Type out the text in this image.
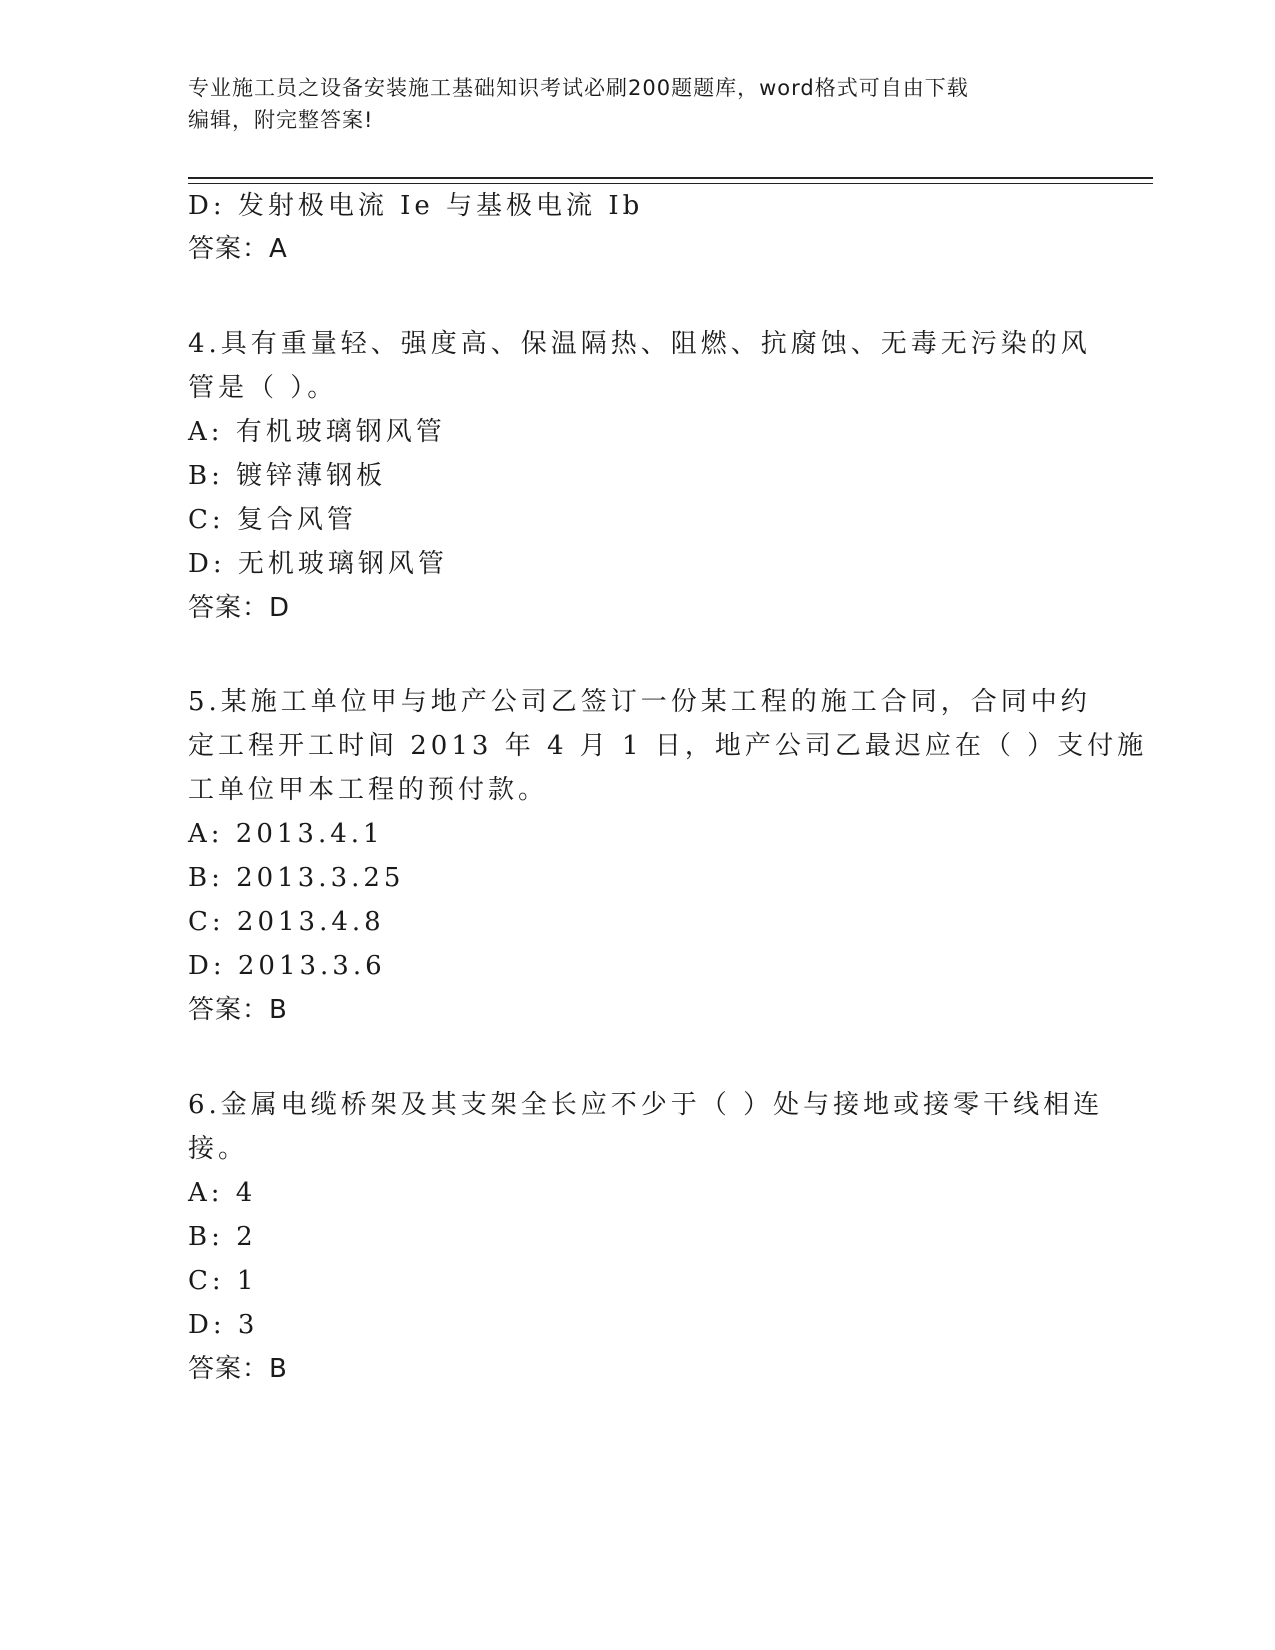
专业施工员之设备安装施工基础知识考试必刷200题题库，word格式可自由下载
编辑，附完整答案!
D: 发射极电流 Ie 与基极电流 Ib
答案：A
4.具有重量轻、强度高、保温隔热、阻燃、抗腐蚀、无毒无污染的风
管是（ ）。
A: 有机玻璃钢风管
B: 镀锌薄钢板
C: 复合风管
D: 无机玻璃钢风管
答案：D
5.某施工单位甲与地产公司乙签订一份某工程的施工合同，合同中约
定工程开工时间 2013 年 4 月 1 日，地产公司乙最迟应在（ ）支付施
工单位甲本工程的预付款。
A: 2013.4.1
B: 2013.3.25
C: 2013.4.8
D: 2013.3.6
答案：B
6.金属电缆桥架及其支架全长应不少于（ ）处与接地或接零干线相连
接。
A: 4
B: 2
C: 1
D: 3
答案：B
